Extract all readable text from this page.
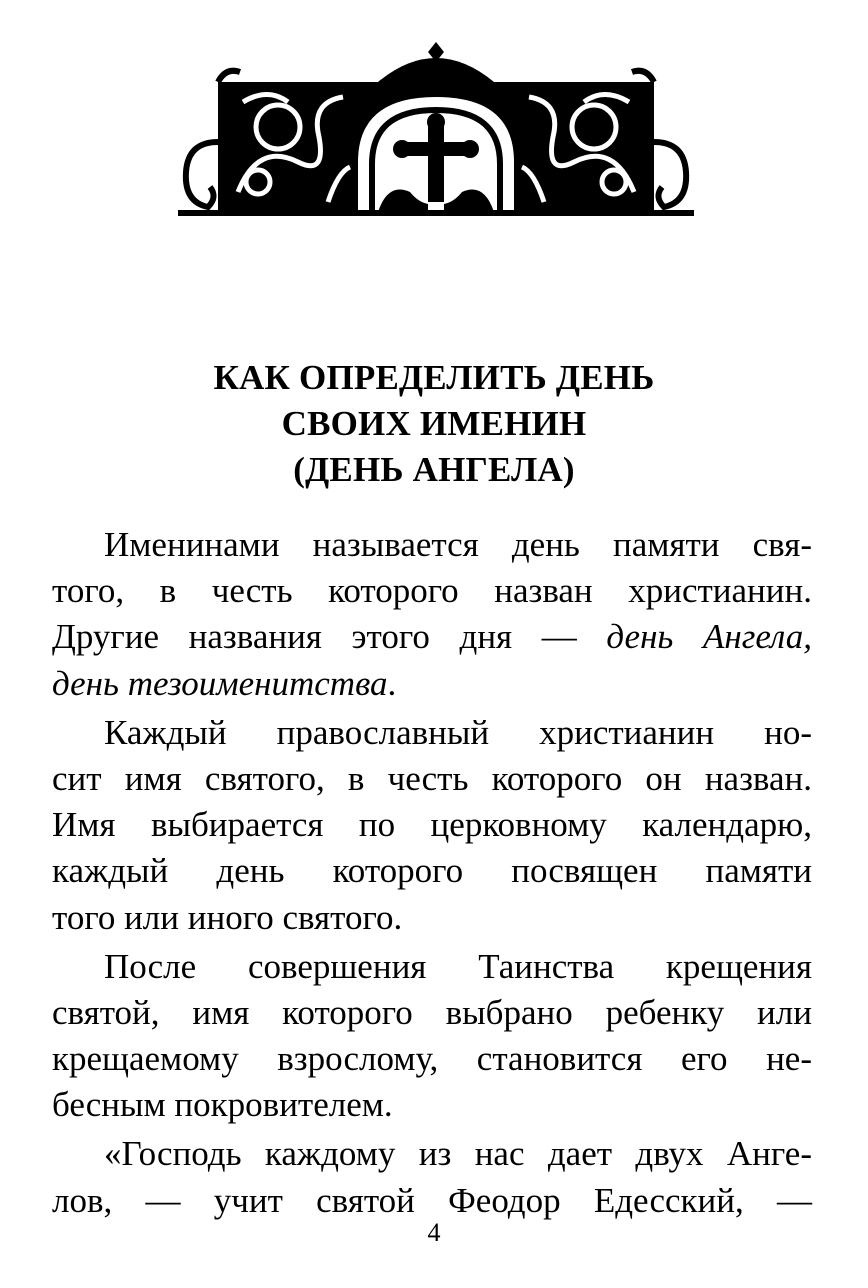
КАК ОПРЕДЕЛИТЬ ДЕНЬ
СВОИХ ИМЕНИН
(ДЕНЬ АНГЕЛА)
Именинами называется день памяти свя-
того, в честь которого назван христианин.
Другие названия этого дня — день Ангела,
день тезоименитства.
Каждый православный христианин но-
сит имя святого, в честь которого он назван.
Имя выбирается по церковному календарю,
каждый день которого посвящен памяти
того или иного святого.
После совершения Таинства крещения
святой, имя которого выбрано ребенку или
крещаемому взрослому, становится его не-
бесным покровителем.
«Господь каждому из нас дает двух Анге-
лов, — учит святой Феодор Едесский, —
4
